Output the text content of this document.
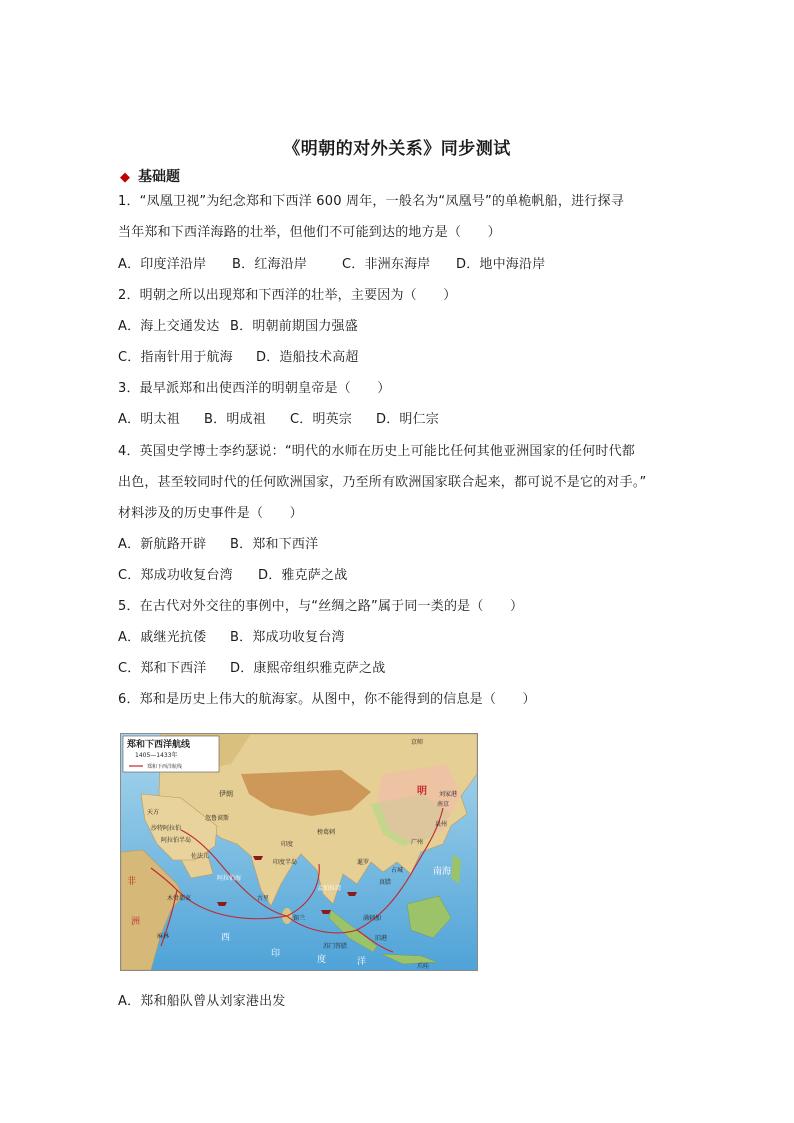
《明朝的对外关系》同步测试
◆ 基础题
1．“凤凰卫视”为纪念郑和下西洋 600 周年，一般名为“凤凰号”的单桅帆船，进行探寻
当年郑和下西洋海路的壮举，但他们不可能到达的地方是（　　）
A．印度洋沿岸 B．红海沿岸	C．非洲东海岸 D．地中海沿岸
2．明朝之所以出现郑和下西洋的壮举，主要因为（　　）
A．海上交通发达 B．明朝前期国力强盛
C．指南针用于航海 D．造船技术高超
3．最早派郑和出使西洋的明朝皇帝是（　　）
A．明太祖 B．明成祖 C．明英宗 D．明仁宗
4．英国史学博士李约瑟说：“明代的水师在历史上可能比任何其他亚洲国家的任何时代都
出色，甚至较同时代的任何欧洲国家，乃至所有欧洲国家联合起来，都可说不是它的对手。”
材料涉及的历史事件是（　　）
A．新航路开辟 B．郑和下西洋
C．郑成功收复台湾 D．雅克萨之战
5．在古代对外交往的事例中，与“丝绸之路”属于同一类的是（　　）
A．戚继光抗倭 B．郑成功收复台湾
C．郑和下西洋 D．康熙帝组织雅克萨之战
6．郑和是历史上伟大的航海家。从图中，你不能得到的信息是（　　）
郑和下西洋航线
1405—1433年
郑和下西洋航线
京师
明 刘家港
南京
泉州
广州
占城
真腊
暹罗
印度
印度半岛
古里
锡兰	满剌加
旧港
爪哇
苏门答腊
榜葛剌
忽鲁谟斯
佐法儿
天方
木骨都束
麻林
伊朗
沙特阿拉伯
阿拉伯半岛
阿拉伯海
孟加拉湾
南海
西
印
度	洋
非
洲
A．郑和船队曾从刘家港出发
